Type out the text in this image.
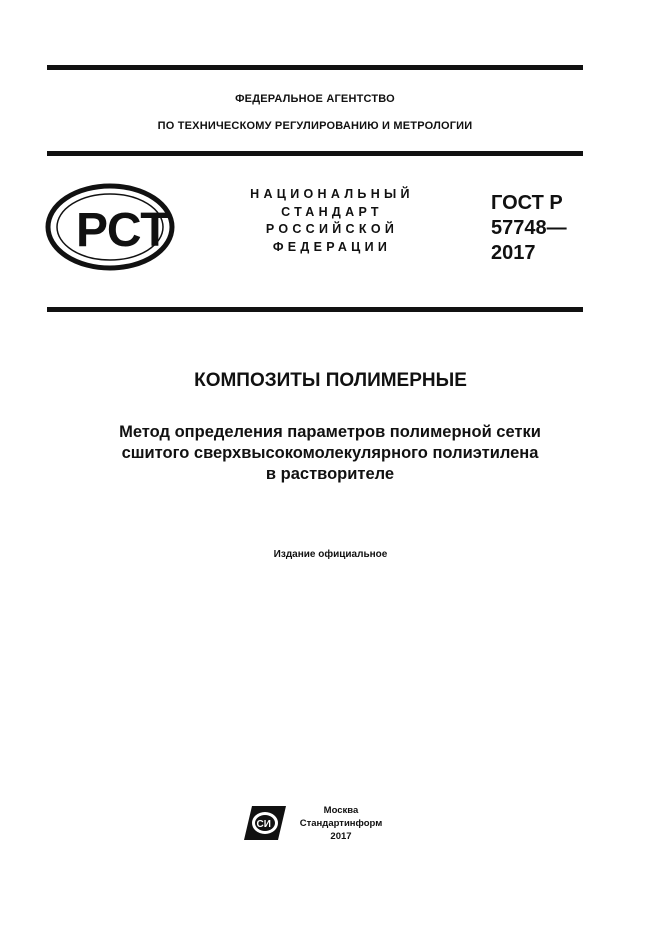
ФЕДЕРАЛЬНОЕ АГЕНТСТВО
ПО ТЕХНИЧЕСКОМУ РЕГУЛИРОВАНИЮ И МЕТРОЛОГИИ
РСТ
НАЦИОНАЛЬНЫЙ
СТАНДАРТ
РОССИЙСКОЙ
ФЕДЕРАЦИИ
ГОСТ Р
57748—
2017
КОМПОЗИТЫ ПОЛИМЕРНЫЕ
Метод определения параметров полимерной сетки
сшитого сверхвысокомолекулярного полиэтилена
в растворителе
Издание официальное
СИ
Москва
Стандартинформ
2017
